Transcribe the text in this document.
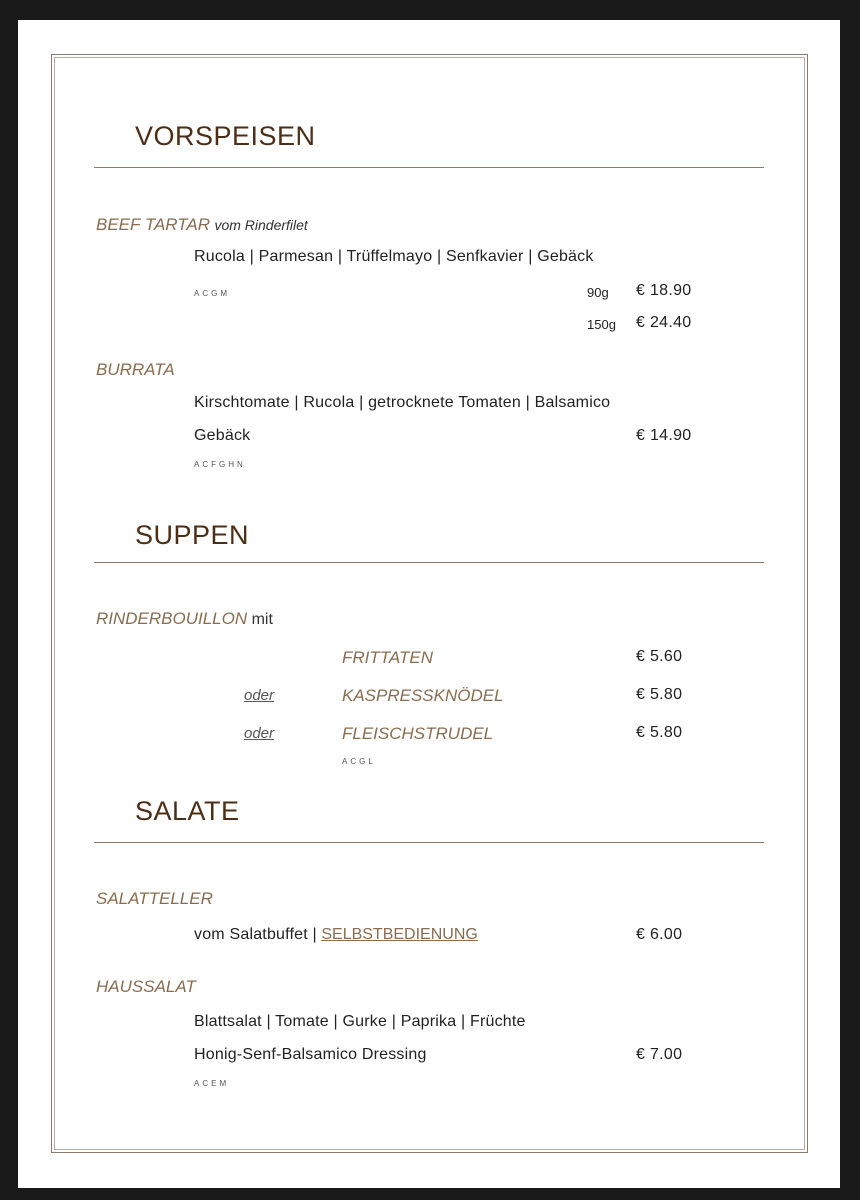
VORSPEISEN
BEEF TARTAR vom Rinderfilet
Rucola | Parmesan | Trüffelmayo | Senfkavier | Gebäck
ACGM	90g € 18.90
150g € 24.40
BURRATA
Kirschtomate | Rucola | getrocknete Tomaten | Balsamico
Gebäck	€ 14.90
ACFGHN
SUPPEN
RINDERBOUILLON mit
FRITTATEN	€ 5.60
oder	KASPRESSKNÖDEL	€ 5.80
oder	FLEISCHSTRUDEL	€ 5.80
ACGL
SALATE
SALATTELLER
vom Salatbuffet | SELBSTBEDIENUNG	€ 6.00
HAUSSALAT
Blattsalat | Tomate | Gurke | Paprika | Früchte
Honig-Senf-Balsamico Dressing	€ 7.00
ACEM
